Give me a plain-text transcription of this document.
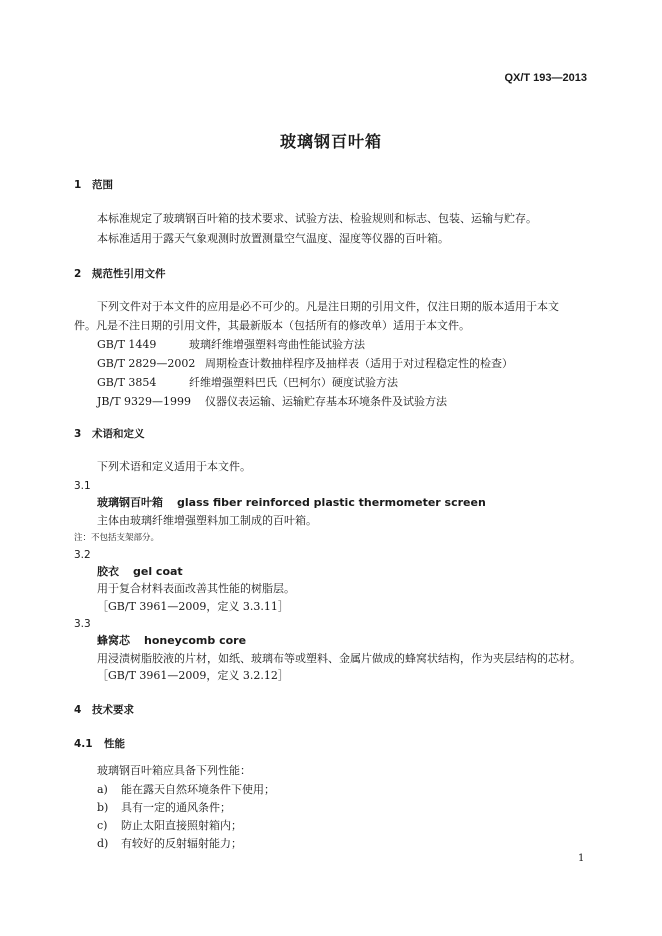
QX/T 193—2013
玻璃钢百叶箱
1 范围
本标准规定了玻璃钢百叶箱的技术要求、试验方法、检验规则和标志、包装、运输与贮存。
本标准适用于露天气象观测时放置测量空气温度、湿度等仪器的百叶箱。
2 规范性引用文件
下列文件对于本文件的应用是必不可少的。凡是注日期的引用文件，仅注日期的版本适用于本文
件。凡是不注日期的引用文件，其最新版本（包括所有的修改单）适用于本文件。
GB/T 1449	玻璃纤维增强塑料弯曲性能试验方法
GB/T 2829—2002 周期检查计数抽样程序及抽样表（适用于对过程稳定性的检查）
GB/T 3854	纤维增强塑料巴氏（巴柯尔）硬度试验方法
JB/T 9329—1999 仪器仪表运输、运输贮存基本环境条件及试验方法
3 术语和定义
下列术语和定义适用于本文件。
3.1
玻璃钢百叶箱 glass fiber reinforced plastic thermometer screen
主体由玻璃纤维增强塑料加工制成的百叶箱。
注：不包括支架部分。
3.2
胶衣 gel coat
用于复合材料表面改善其性能的树脂层。
［GB/T 3961—2009，定义 3.3.11］
3.3
蜂窝芯 honeycomb core
用浸渍树脂胶液的片材，如纸、玻璃布等或塑料、金属片做成的蜂窝状结构，作为夹层结构的芯材。
［GB/T 3961—2009，定义 3.2.12］
4 技术要求
4.1 性能
玻璃钢百叶箱应具备下列性能：
a) 能在露天自然环境条件下使用；
b) 具有一定的通风条件；
c) 防止太阳直接照射箱内；
d) 有较好的反射辐射能力；
1
